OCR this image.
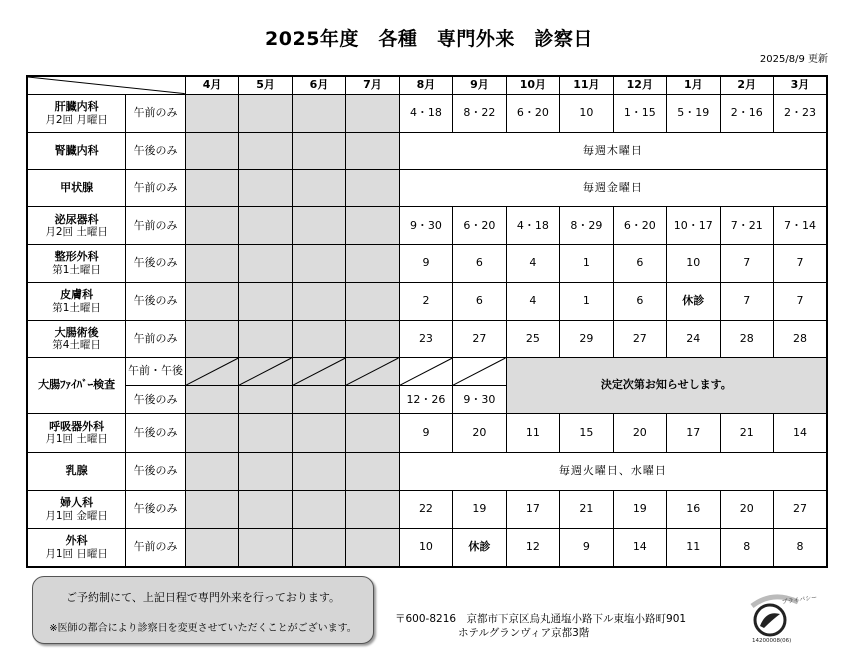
2025年度　各種　専門外来　診察日
2025/8/9 更新
	4月	5月	6月	7月	8月	9月	10月	11月	12月	1月	2月	3月

肝臓内科
月2回 月曜日	午前のみ					4・18	8・22	6・20	10	1・15	5・19	2・16	2・23

腎臓内科	午後のみ					毎週木曜日							

甲状腺	午前のみ					毎週金曜日							

泌尿器科
月2回 土曜日	午前のみ					9・30	6・20	4・18	8・29	6・20	10・17	7・21	7・14

整形外科
第1土曜日	午後のみ					9	6	4	1	6	10	7	7

皮膚科
第1土曜日	午後のみ					2	6	4	1	6	休診	7	7

大腸術後
第4土曜日	午前のみ					23	27	25	29	27	24	28	28

大腸ﾌｧｲﾊﾞｰ検査	午前・午後							決定次第お知らせします。					
	午後のみ					12・26	9・30						

呼吸器外科
月1回 土曜日	午後のみ					9	20	11	15	20	17	21	14

乳腺	午後のみ					毎週火曜日、水曜日							

婦人科
月1回 金曜日	午後のみ					22	19	17	21	19	16	20	27

外科
月1回 日曜日	午前のみ					10	休診	12	9	14	11	8	8
ご予約制にて、上記日程で専門外来を行っております。
※医師の都合により診察日を変更させていただくことがございます。
〒600-8216　京都市下京区烏丸通塩小路下ル東塩小路町901
ホテルグランヴィア京都3階
プライバシー
14200008(06)
